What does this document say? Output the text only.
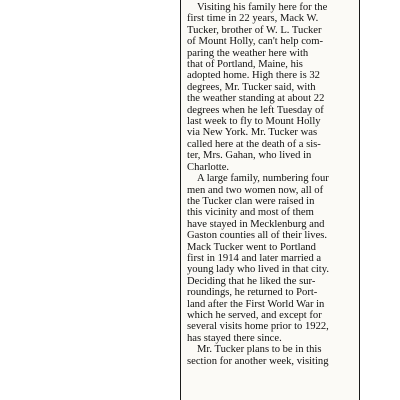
Visiting his family here for the
first time in 22 years, Mack W.
Tucker, brother of W. L. Tucker
of Mount Holly, can't help com-
paring the weather here with
that of Portland, Maine, his
adopted home. High there is 32
degrees, Mr. Tucker said, with
the weather standing at about 22
degrees when he left Tuesday of
last week to fly to Mount Holly
via New York. Mr. Tucker was
called here at the death of a sis-
ter, Mrs. Gahan, who lived in
Charlotte.

A large family, numbering four
men and two women now, all of
the Tucker clan were raised in
this vicinity and most of them
have stayed in Mecklenburg and
Gaston counties all of their lives.
Mack Tucker went to Portland
first in 1914 and later married a
young lady who lived in that city.
Deciding that he liked the sur-
roundings, he returned to Port-
land after the First World War in
which he served, and except for
several visits home prior to 1922,
has stayed there since.

Mr. Tucker plans to be in this
section for another week, visiting
